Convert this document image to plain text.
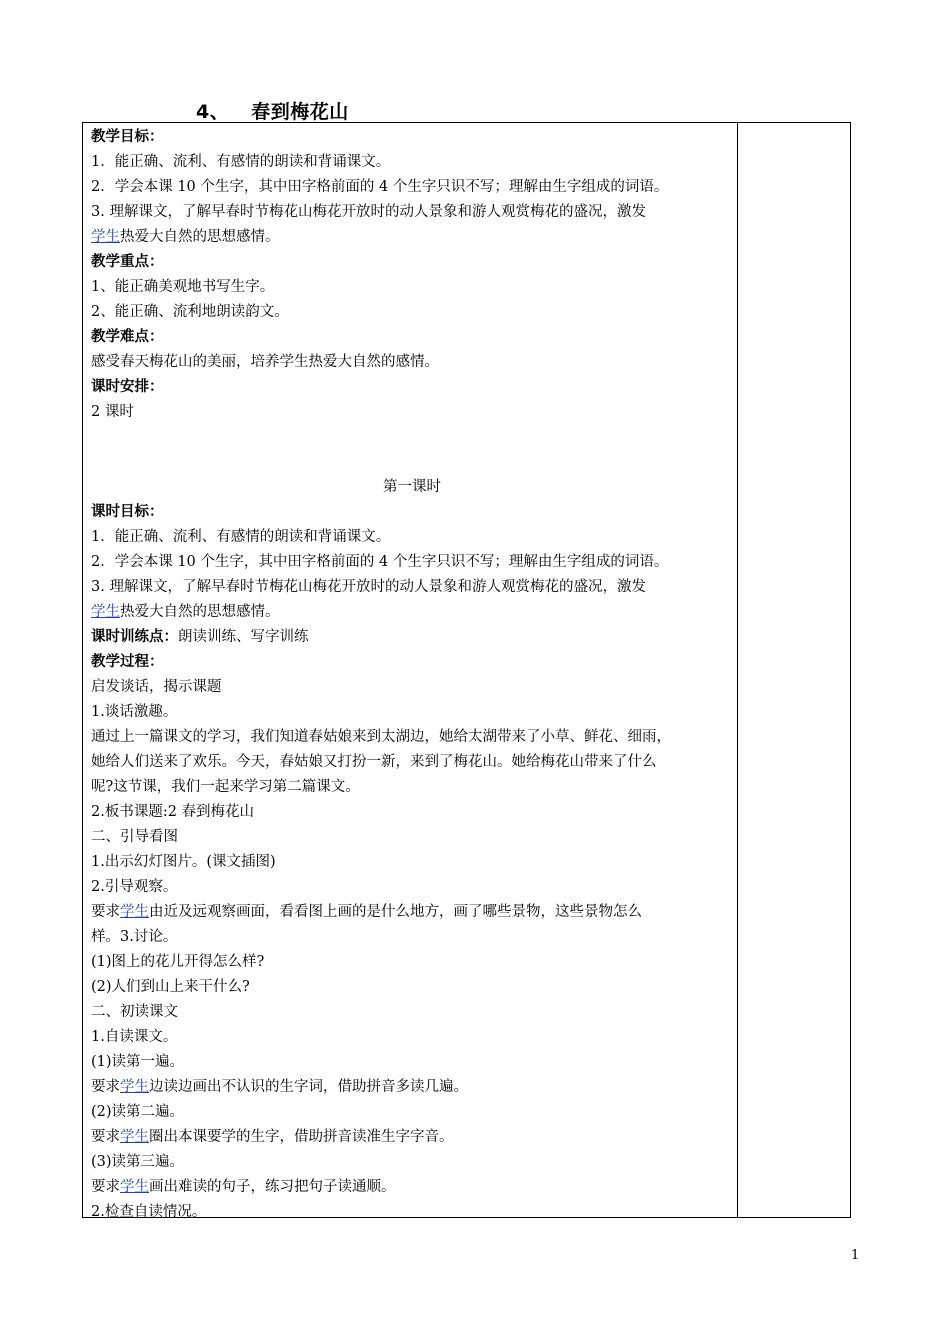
4、 春到梅花山
教学目标：
1．能正确、流利、有感情的朗读和背诵课文。
2．学会本课 10 个生字，其中田字格前面的 4 个生字只识不写；理解由生字组成的词语。
3. 理解课文，了解早春时节梅花山梅花开放时的动人景象和游人观赏梅花的盛况，激发
学生热爱大自然的思想感情。
教学重点：
1、能正确美观地书写生字。
2、能正确、流利地朗读韵文。
教学难点：
感受春天梅花山的美丽，培养学生热爱大自然的感情。
课时安排：
2 课时
第一课时
课时目标：
1．能正确、流利、有感情的朗读和背诵课文。
2．学会本课 10 个生字，其中田字格前面的 4 个生字只识不写；理解由生字组成的词语。
3. 理解课文，了解早春时节梅花山梅花开放时的动人景象和游人观赏梅花的盛况，激发
学生热爱大自然的思想感情。
课时训练点：朗读训练、写字训练
教学过程：
启发谈话，揭示课题
1.谈话激趣。
通过上一篇课文的学习，我们知道春姑娘来到太湖边，她给太湖带来了小草、鲜花、细雨，
她给人们送来了欢乐。今天，春姑娘又打扮一新，来到了梅花山。她给梅花山带来了什么
呢?这节课，我们一起来学习第二篇课文。
2.板书课题:2 春到梅花山
二、引导看图
1.出示幻灯图片。(课文插图)
2.引导观察。
要求学生由近及远观察画面，看看图上画的是什么地方，画了哪些景物，这些景物怎么
样。3.讨论。
(1)图上的花儿开得怎么样?
(2)人们到山上来干什么?
二、初读课文
1.自读课文。
(1)读第一遍。
要求学生边读边画出不认识的生字词，借助拼音多读几遍。
(2)读第二遍。
要求学生圈出本课要学的生字，借助拼音读准生字字音。
(3)读第三遍。
要求学生画出难读的句子，练习把句子读通顺。
2.检查自读情况。
1
